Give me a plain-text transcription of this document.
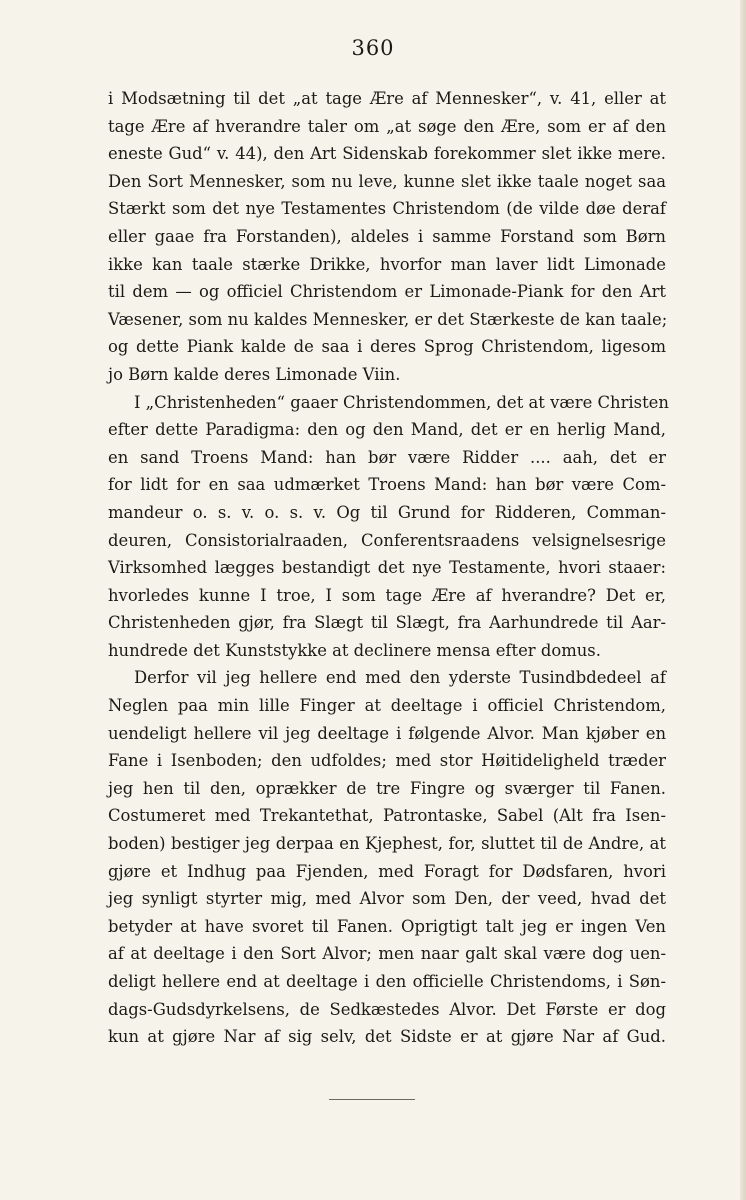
360
i Modsætning til det „at tage Ære af Mennesker“, v. 41, eller at
tage Ære af hverandre taler om „at søge den Ære, som er af den
eneste Gud“ v. 44), den Art Sidenskab forekommer slet ikke mere.
Den Sort Mennesker, som nu leve, kunne slet ikke taale noget saa
Stærkt som det nye Testamentes Christendom (de vilde døe deraf
eller gaae fra Forstanden), aldeles i samme Forstand som Børn
ikke kan taale stærke Drikke, hvorfor man laver lidt Limonade
til dem — og officiel Christendom er Limonade-Piank for den Art
Væsener, som nu kaldes Mennesker, er det Stærkeste de kan taale;
og dette Piank kalde de saa i deres Sprog Christendom, ligesom
jo Børn kalde deres Limonade Viin.
I „Christenheden“ gaaer Christendommen, det at være Christen
efter dette Paradigma: den og den Mand, det er en herlig Mand,
en sand Troens Mand: han bør være Ridder .... aah, det er
for lidt for en saa udmærket Troens Mand: han bør være Com-
mandeur o. s. v. o. s. v. Og til Grund for Ridderen, Comman-
deuren, Consistorialraaden, Conferentsraadens velsignelsesrige
Virksomhed lægges bestandigt det nye Testamente, hvori staaer:
hvorledes kunne I troe, I som tage Ære af hverandre? Det er,
Christenheden gjør, fra Slægt til Slægt, fra Aarhundrede til Aar-
hundrede det Kunststykke at declinere mensa efter domus.
Derfor vil jeg hellere end med den yderste Tusindbdedeel af
Neglen paa min lille Finger at deeltage i officiel Christendom,
uendeligt hellere vil jeg deeltage i følgende Alvor. Man kjøber en
Fane i Isenboden; den udfoldes; med stor Høitideligheld træder
jeg hen til den, oprækker de tre Fingre og sværger til Fanen.
Costumeret med Trekantethat, Patrontaske, Sabel (Alt fra Isen-
boden) bestiger jeg derpaa en Kjephest, for, sluttet til de Andre, at
gjøre et Indhug paa Fjenden, med Foragt for Dødsfaren, hvori
jeg synligt styrter mig, med Alvor som Den, der veed, hvad det
betyder at have svoret til Fanen. Oprigtigt talt jeg er ingen Ven
af at deeltage i den Sort Alvor; men naar galt skal være dog uen-
deligt hellere end at deeltage i den officielle Christendoms, i Søn-
dags-Gudsdyrkelsens, de Sedkæstedes Alvor. Det Første er dog
kun at gjøre Nar af sig selv, det Sidste er at gjøre Nar af Gud.
